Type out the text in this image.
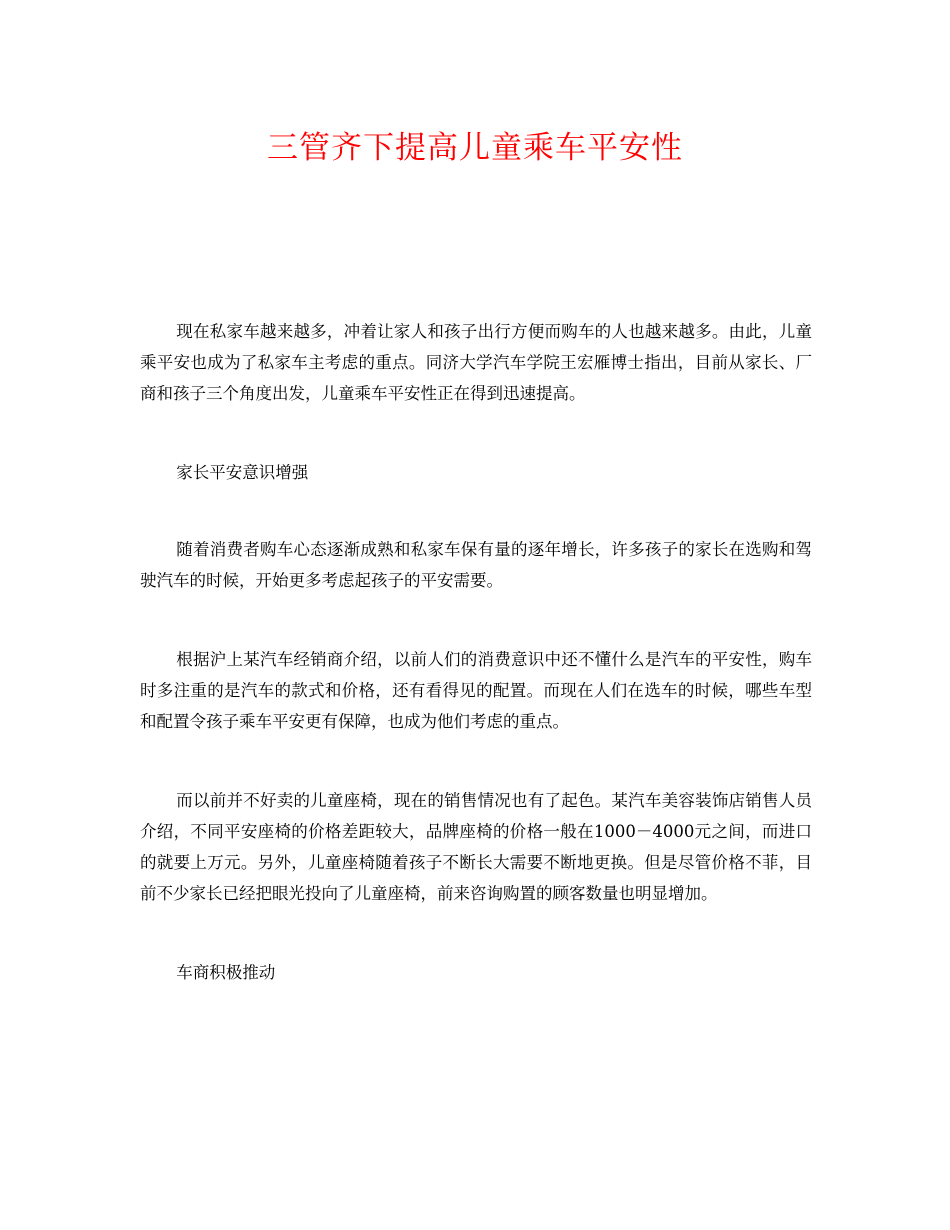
三管齐下提高儿童乘车平安性

现在私家车越来越多，冲着让家人和孩子出行方便而购车的人也越来越多。由此，儿童乘平安也成为了私家车主考虑的重点。同济大学汽车学院王宏雁博士指出，目前从家长、厂商和孩子三个角度出发，儿童乘车平安性正在得到迅速提高。

家长平安意识增强

随着消费者购车心态逐渐成熟和私家车保有量的逐年增长，许多孩子的家长在选购和驾驶汽车的时候，开始更多考虑起孩子的平安需要。

根据沪上某汽车经销商介绍，以前人们的消费意识中还不懂什么是汽车的平安性，购车时多注重的是汽车的款式和价格，还有看得见的配置。而现在人们在选车的时候，哪些车型和配置令孩子乘车平安更有保障，也成为他们考虑的重点。

而以前并不好卖的儿童座椅，现在的销售情况也有了起色。某汽车美容装饰店销售人员介绍，不同平安座椅的价格差距较大，品牌座椅的价格一般在1000－4000元之间，而进口的就要上万元。另外，儿童座椅随着孩子不断长大需要不断地更换。但是尽管价格不菲，目前不少家长已经把眼光投向了儿童座椅，前来咨询购置的顾客数量也明显增加。

车商积极推动
